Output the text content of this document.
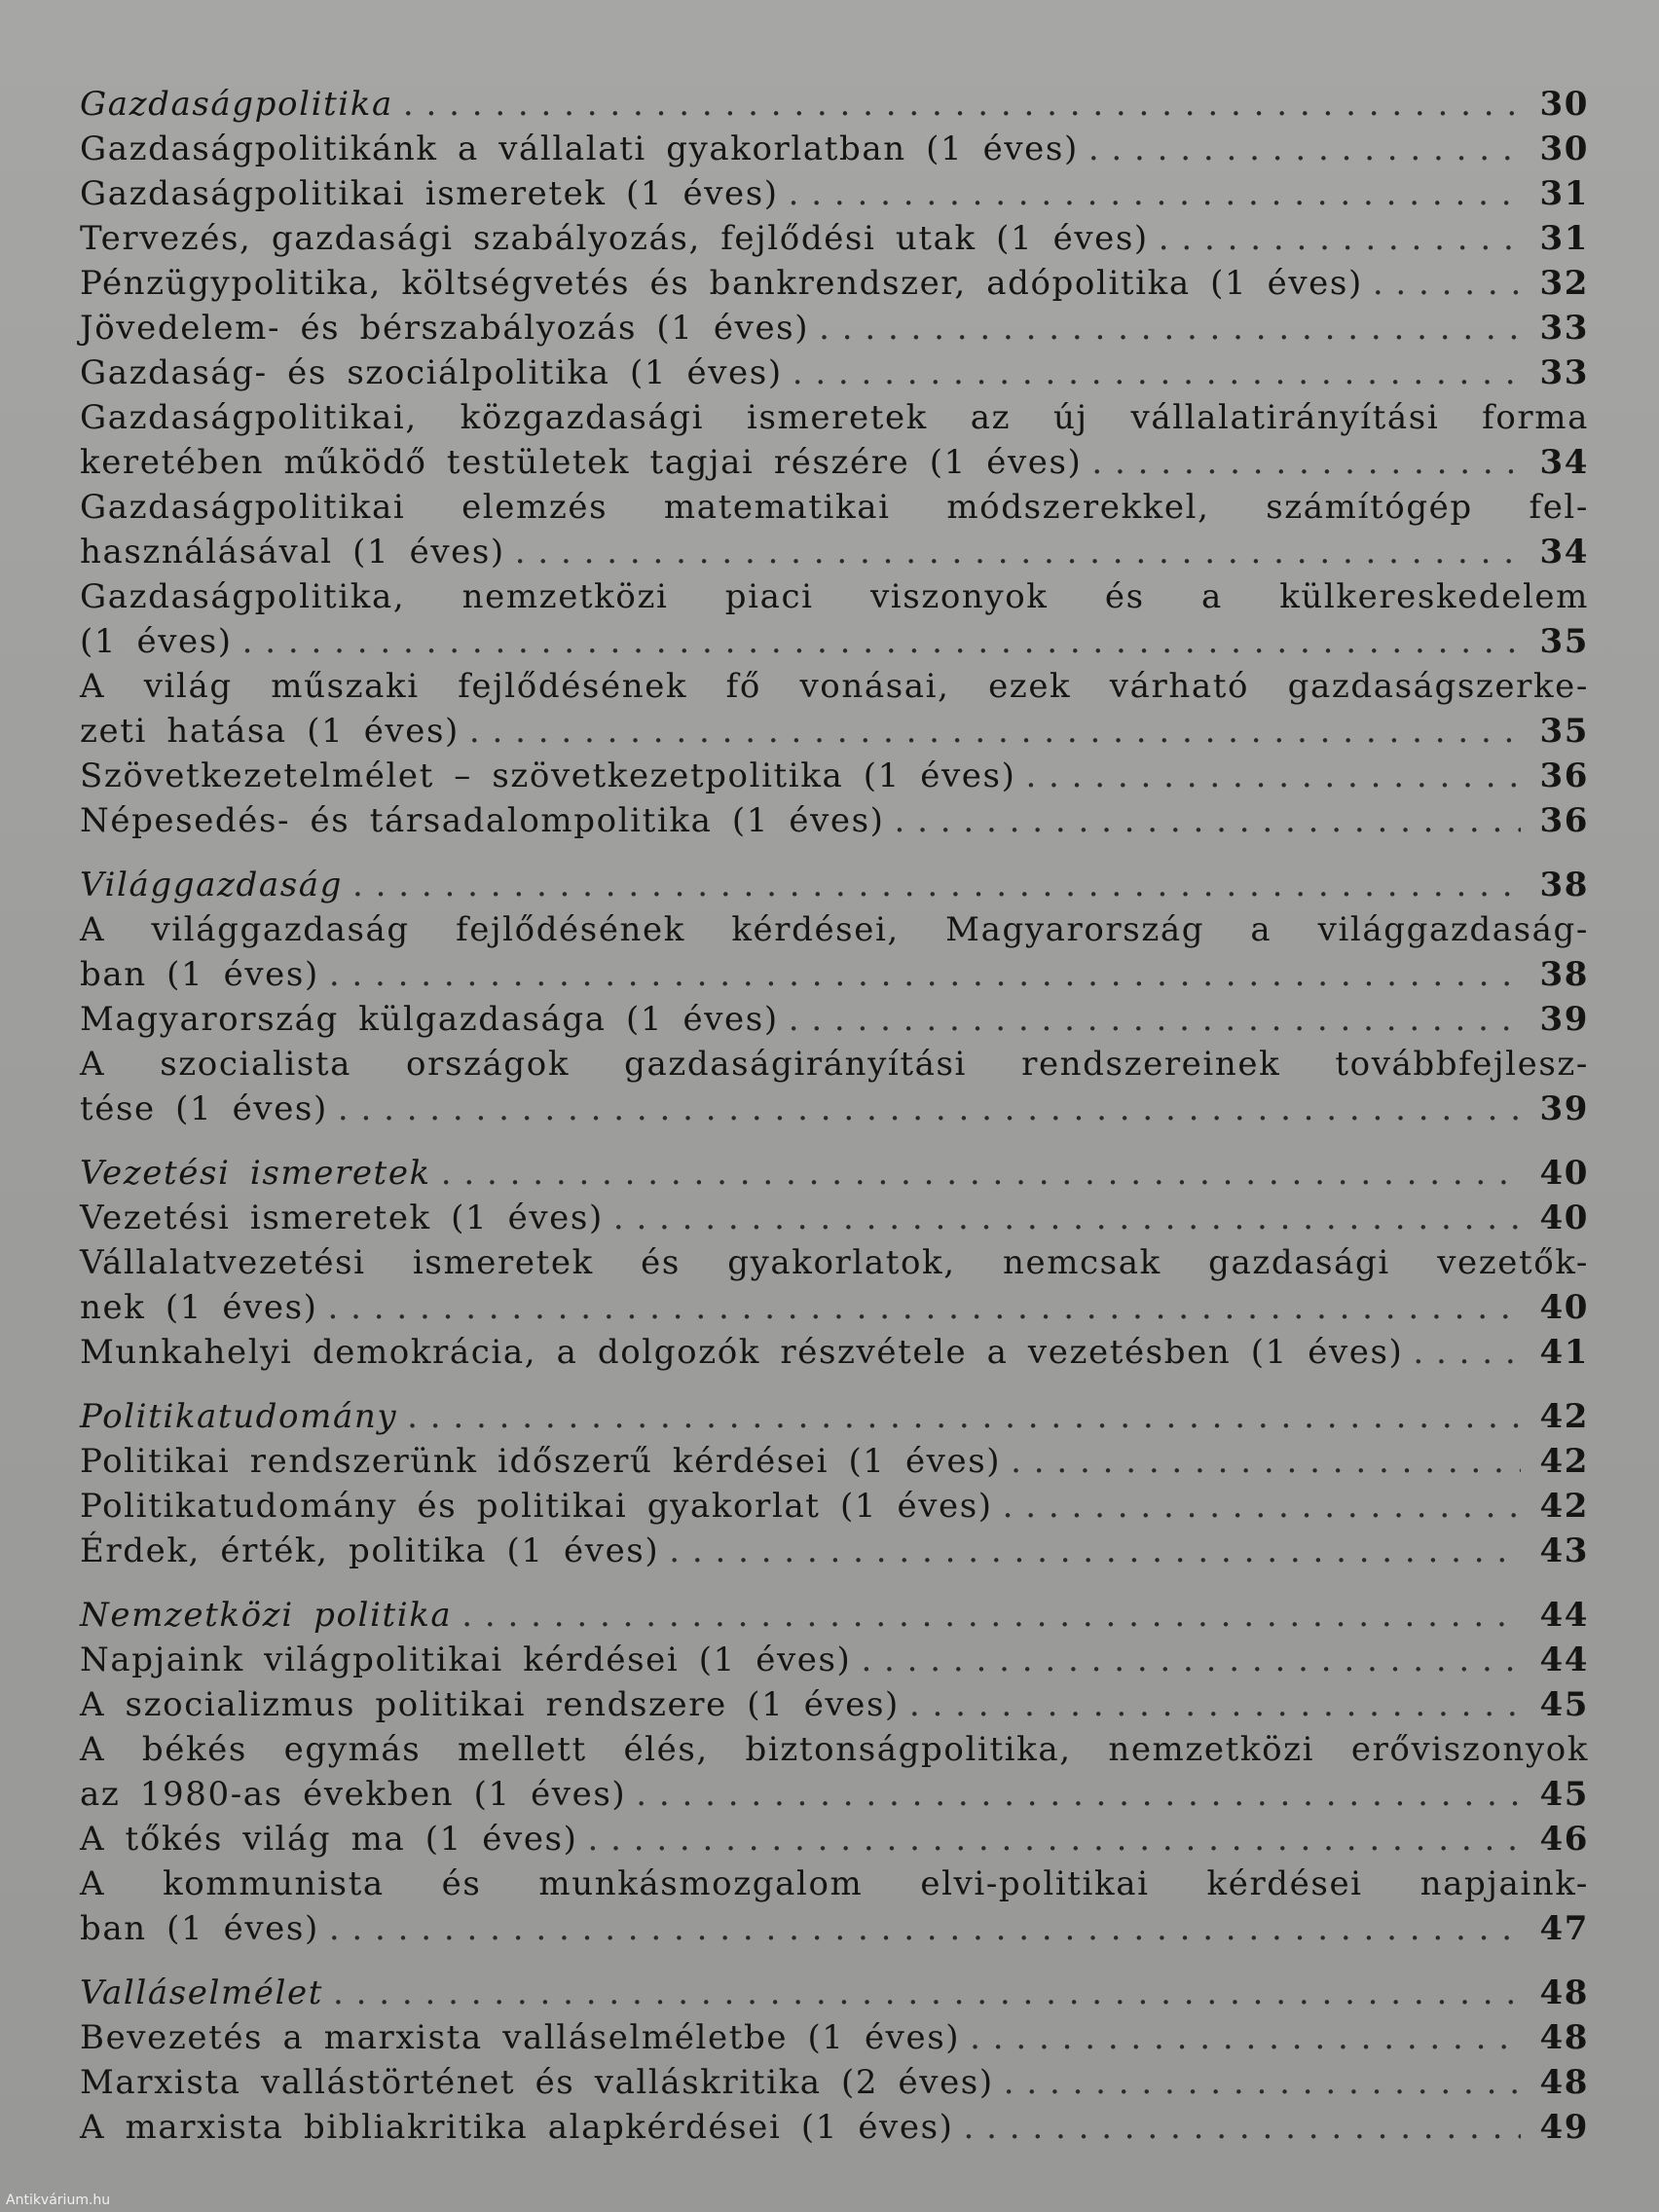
Gazdaságpolitika . . .	30
Gazdaságpolitikánk a vállalati gyakorlatban (1 éves) . . .	30
Gazdaságpolitikai ismeretek (1 éves) . . .	31
Tervezés, gazdasági szabályozás, fejlődési utak (1 éves) . . .	31
Pénzügypolitika, költségvetés és bankrendszer, adópolitika (1 éves) . . .	32
Jövedelem- és bérszabályozás (1 éves) . . .	33
Gazdaság- és szociálpolitika (1 éves) . . .	33
Gazdaságpolitikai, közgazdasági ismeretek az új vállalatirányítási forma
keretében működő testületek tagjai részére (1 éves) . . .	34
Gazdaságpolitikai elemzés matematikai módszerekkel, számítógép fel-
használásával (1 éves) . . .	34
Gazdaságpolitika, nemzetközi piaci viszonyok és a külkereskedelem
(1 éves) . . .	35
A világ műszaki fejlődésének fő vonásai, ezek várható gazdaságszerke-
zeti hatása (1 éves) . . .	35
Szövetkezetelmélet – szövetkezetpolitika (1 éves) . . .	36
Népesedés- és társadalompolitika (1 éves) . . .	36
Világgazdaság . . .	38
A világgazdaság fejlődésének kérdései, Magyarország a világgazdaság-
ban (1 éves) . . .	38
Magyarország külgazdasága (1 éves) . . .	39
A szocialista országok gazdaságirányítási rendszereinek továbbfejlesz-
tése (1 éves) . . .	39
Vezetési ismeretek . . .	40
Vezetési ismeretek (1 éves) . . .	40
Vállalatvezetési ismeretek és gyakorlatok, nemcsak gazdasági vezetők-
nek (1 éves) . . .	40
Munkahelyi demokrácia, a dolgozók részvétele a vezetésben (1 éves) . . .	41
Politikatudomány . . .	42
Politikai rendszerünk időszerű kérdései (1 éves) . . .	42
Politikatudomány és politikai gyakorlat (1 éves) . . .	42
Érdek, érték, politika (1 éves) . . .	43
Nemzetközi politika . . .	44
Napjaink világpolitikai kérdései (1 éves) . . .	44
A szocializmus politikai rendszere (1 éves) . . .	45
A békés egymás mellett élés, biztonságpolitika, nemzetközi erőviszonyok
az 1980-as években (1 éves) . . .	45
A tőkés világ ma (1 éves) . . .	46
A kommunista és munkásmozgalom elvi-politikai kérdései napjaink-
ban (1 éves) . . .	47
Valláselmélet . . .	48
Bevezetés a marxista valláselméletbe (1 éves) . . .	48
Marxista vallástörténet és valláskritika (2 éves) . . .	48
A marxista bibliakritika alapkérdései (1 éves) . . .	49
Antikvárium.hu
